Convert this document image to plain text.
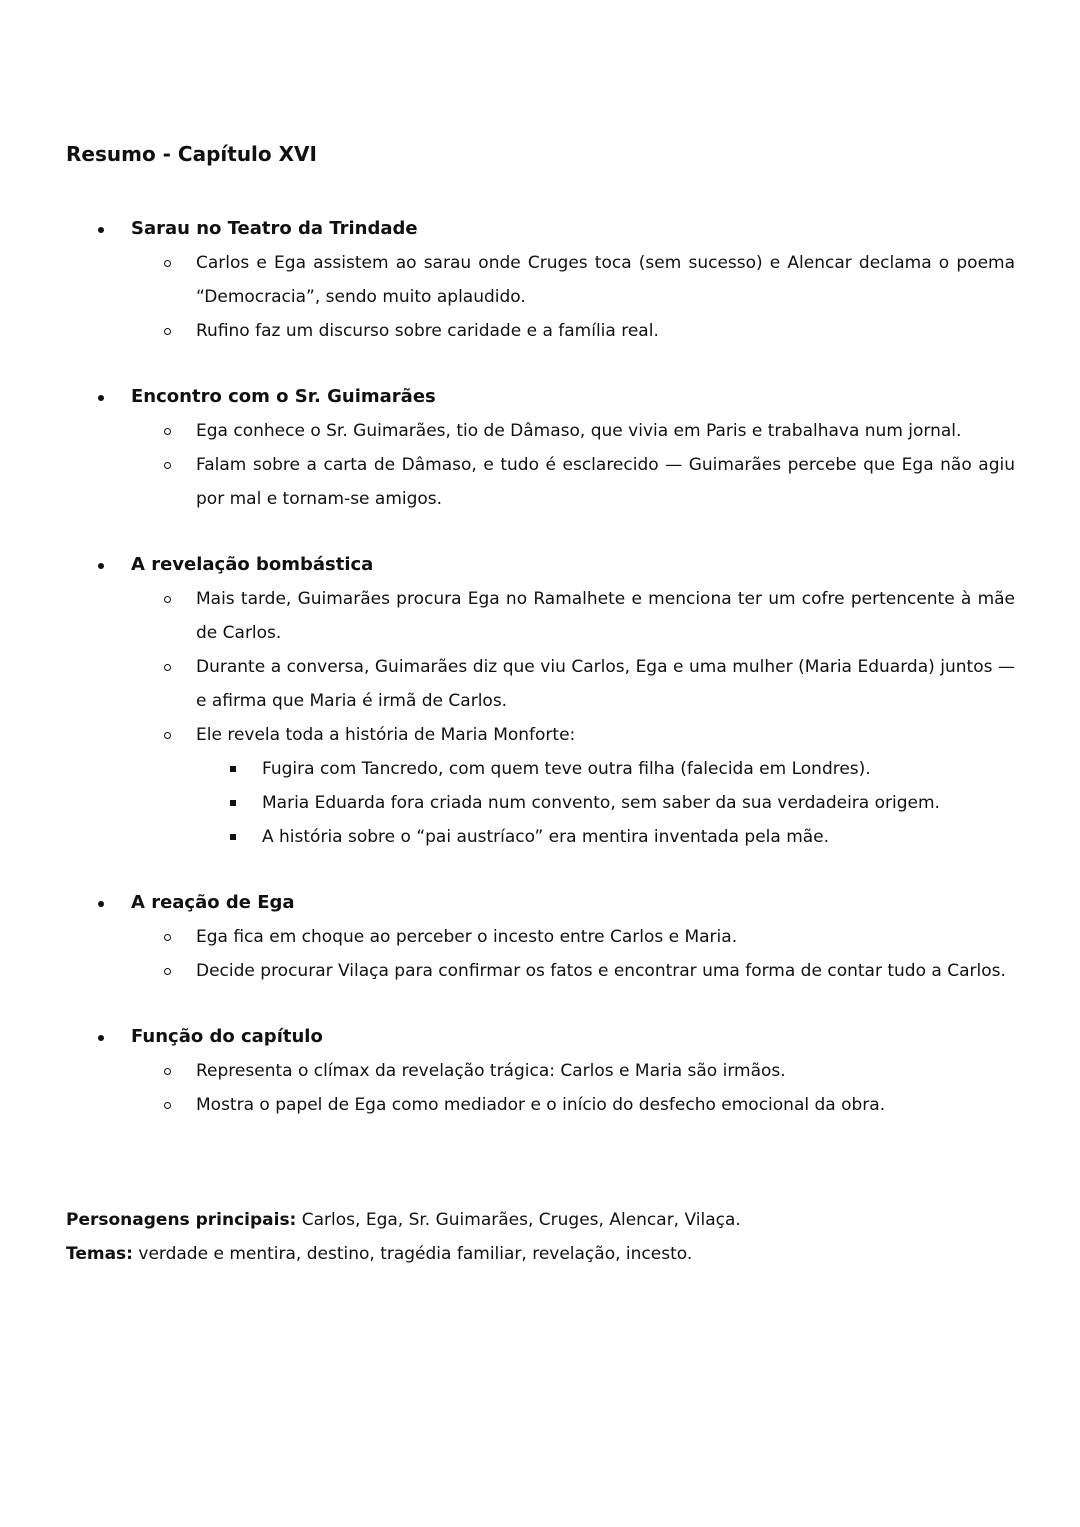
Resumo - Capítulo XVI
Sarau no Teatro da Trindade
Carlos e Ega assistem ao sarau onde Cruges toca (sem sucesso) e Alencar declama o poema “Democracia”, sendo muito aplaudido.
Rufino faz um discurso sobre caridade e a família real.
Encontro com o Sr. Guimarães
Ega conhece o Sr. Guimarães, tio de Dâmaso, que vivia em Paris e trabalhava num jornal.
Falam sobre a carta de Dâmaso, e tudo é esclarecido — Guimarães percebe que Ega não agiu por mal e tornam-se amigos.
A revelação bombástica
Mais tarde, Guimarães procura Ega no Ramalhete e menciona ter um cofre pertencente à mãe de Carlos.
Durante a conversa, Guimarães diz que viu Carlos, Ega e uma mulher (Maria Eduarda) juntos — e afirma que Maria é irmã de Carlos.
Ele revela toda a história de Maria Monforte:
Fugira com Tancredo, com quem teve outra filha (falecida em Londres).
Maria Eduarda fora criada num convento, sem saber da sua verdadeira origem.
A história sobre o “pai austríaco” era mentira inventada pela mãe.
A reação de Ega
Ega fica em choque ao perceber o incesto entre Carlos e Maria.
Decide procurar Vilaça para confirmar os fatos e encontrar uma forma de contar tudo a Carlos.
Função do capítulo
Representa o clímax da revelação trágica: Carlos e Maria são irmãos.
Mostra o papel de Ega como mediador e o início do desfecho emocional da obra.
Personagens principais: Carlos, Ega, Sr. Guimarães, Cruges, Alencar, Vilaça.
Temas: verdade e mentira, destino, tragédia familiar, revelação, incesto.
